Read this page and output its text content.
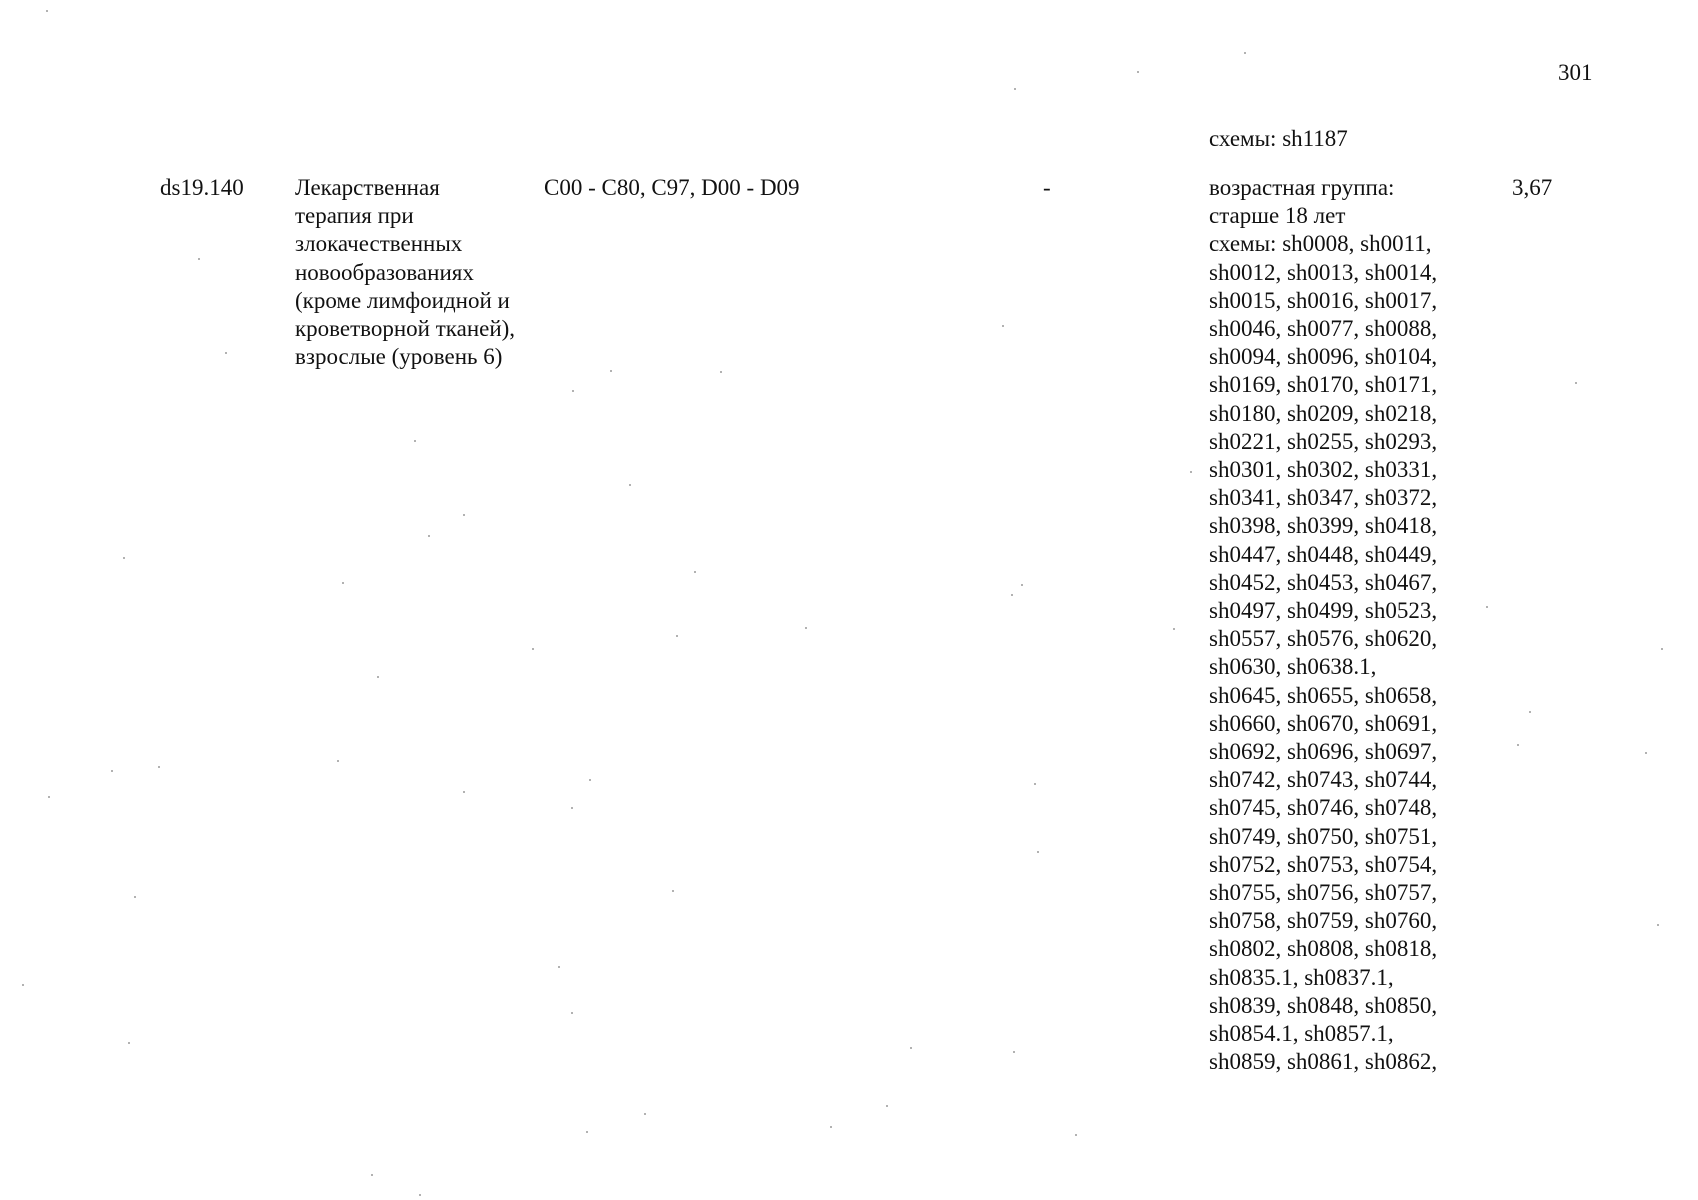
301
схемы: sh1187
ds19.140 Лекарственная
терапия при
злокачественных
новообразованиях
(кроме лимфоидной и
кроветворной тканей),
взрослые (уровень 6)
C00 - C80, C97, D00 - D09	-	возрастная группа:
старше 18 лет
схемы: sh0008, sh0011,
sh0012, sh0013, sh0014,
sh0015, sh0016, sh0017,
sh0046, sh0077, sh0088,
sh0094, sh0096, sh0104,
sh0169, sh0170, sh0171,
sh0180, sh0209, sh0218,
sh0221, sh0255, sh0293,
sh0301, sh0302, sh0331,
sh0341, sh0347, sh0372,
sh0398, sh0399, sh0418,
sh0447, sh0448, sh0449,
sh0452, sh0453, sh0467,
sh0497, sh0499, sh0523,
sh0557, sh0576, sh0620,
sh0630, sh0638.1,
sh0645, sh0655, sh0658,
sh0660, sh0670, sh0691,
sh0692, sh0696, sh0697,
sh0742, sh0743, sh0744,
sh0745, sh0746, sh0748,
sh0749, sh0750, sh0751,
sh0752, sh0753, sh0754,
sh0755, sh0756, sh0757,
sh0758, sh0759, sh0760,
sh0802, sh0808, sh0818,
sh0835.1, sh0837.1,
sh0839, sh0848, sh0850,
sh0854.1, sh0857.1,
sh0859, sh0861, sh0862,
3,67
